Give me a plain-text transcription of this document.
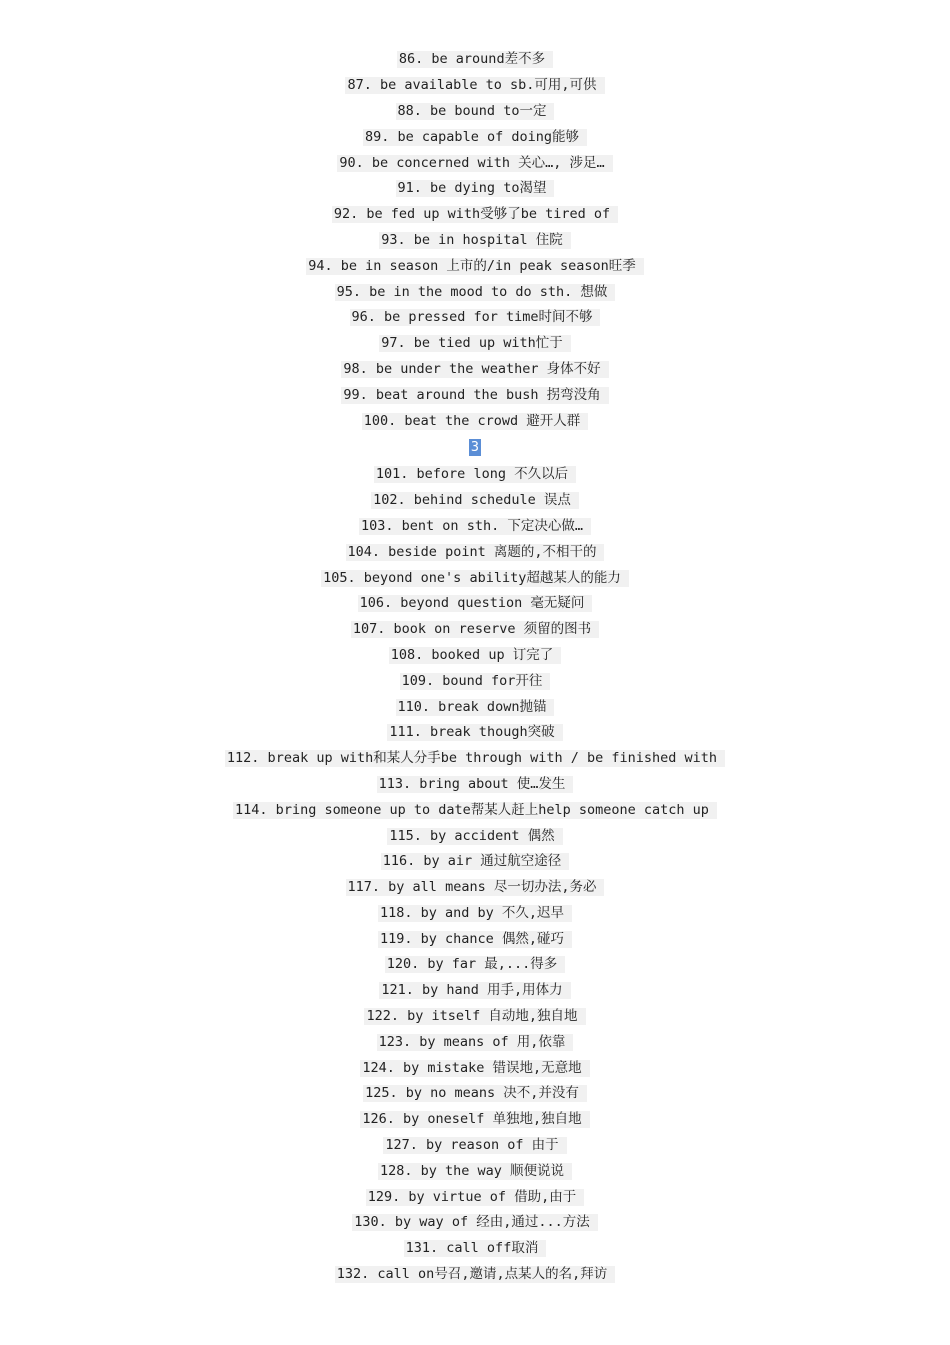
86. be around差不多
87. be available to sb.可用,可供
88. be bound to一定
89. be capable of doing能够
90. be concerned with 关心…, 涉足…
91. be dying to渴望
92. be fed up with受够了be tired of
93. be in hospital 住院
94. be in season 上市的/in peak season旺季
95. be in the mood to do sth. 想做
96. be pressed for time时间不够
97. be tied up with忙于
98. be under the weather 身体不好
99. beat around the bush 拐弯没角
100. beat the crowd 避开人群
3
101. before long 不久以后
102. behind schedule 误点
103. bent on sth. 下定决心做…
104. beside point 离题的,不相干的
105. beyond one's ability超越某人的能力
106. beyond question 毫无疑问
107. book on reserve 须留的图书
108. booked up 订完了
109. bound for开往
110. break down抛锚
111. break though突破
112. break up with和某人分手be through with / be finished with
113. bring about 使…发生
114. bring someone up to date帮某人赶上help someone catch up
115. by accident 偶然
116. by air 通过航空途径
117. by all means 尽一切办法,务必
118. by and by 不久,迟早
119. by chance 偶然,碰巧
120. by far 最,...得多
121. by hand 用手,用体力
122. by itself 自动地,独自地
123. by means of 用,依靠
124. by mistake 错误地,无意地
125. by no means 决不,并没有
126. by oneself 单独地,独自地
127. by reason of 由于
128. by the way 顺便说说
129. by virtue of 借助,由于
130. by way of 经由,通过...方法
131. call off取消
132. call on号召,邀请,点某人的名,拜访
